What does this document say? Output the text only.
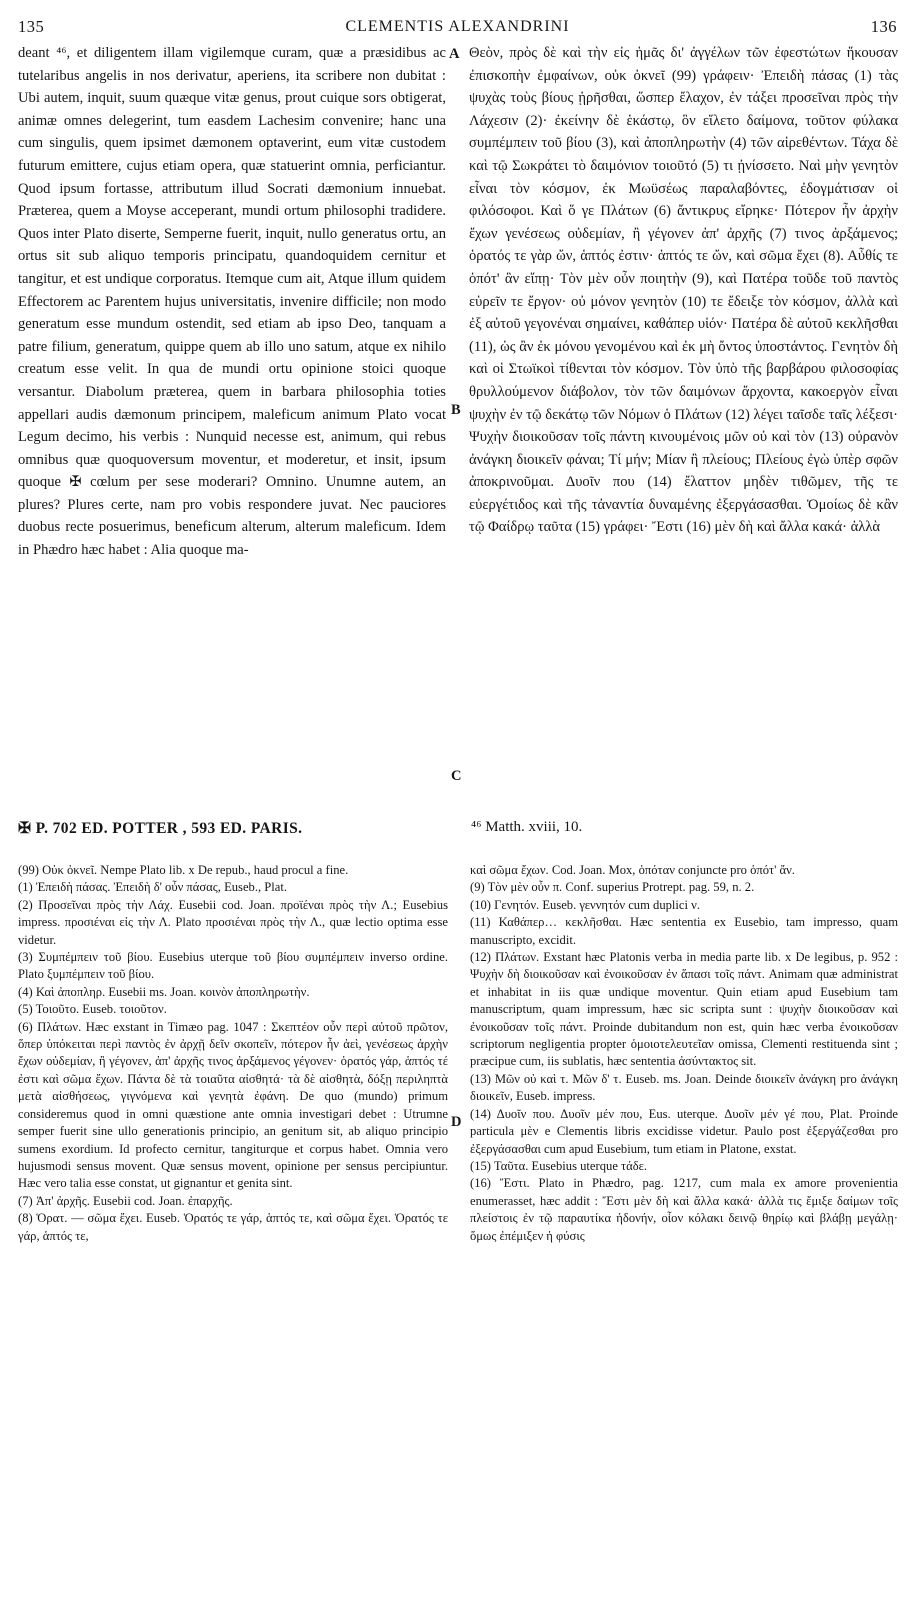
135	CLEMENTIS ALEXANDRINI	136

deant ⁴⁶, et diligentem illam vigilemque curam, quæ a præsidibus ac tutelaribus angelis in nos derivatur, aperiens, ita scribere non dubitat : Ubi autem, inquit, suum quæque vitæ genus, prout cuique sors obtigerat, animæ omnes delegerint, tum easdem Lachesim convenire; hanc una cum singulis, quem ipsimet dæmonem optaverint, eum vitæ custodem futurum emittere, cujus etiam opera, quæ statuerint omnia, perficiantur. Quod ipsum fortasse, attributum illud Socrati dæmonium innuebat. Præterea, quem a Moyse acceperant, mundi ortum philosophi tradidere. Quos inter Plato diserte, Semperne fuerit, inquit, nullo generatus ortu, an ortus sit sub aliquo temporis principatu, quandoquidem cernitur et tangitur, et est undique corporatus. Itemque cum ait, Atque illum quidem Effectorem ac Parentem hujus universitatis, invenire difficile; non modo generatum esse mundum ostendit, sed etiam ab ipso Deo, tanquam a patre filium, generatum, quippe quem ab illo uno satum, atque ex nihilo creatum esse velit. In qua de mundi ortu opinione stoici quoque versantur. Diabolum præterea, quem in barbara philosophia toties appellari audis dæmonum principem, maleficum animum Plato vocat Legum decimo, his verbis : Nunquid necesse est, animum, qui rebus omnibus quæ quoquoversum moventur, et moderetur, et insit, ipsum quoque ✠ cœlum per sese moderari? Omnino. Unumne autem, an plures? Plures certe, nam pro vobis respondere juvat. Nec pauciores duobus recte posuerimus, beneficum alterum, alterum maleficum. Idem in Phædro hæc habet : Alia quoque ma-

A
B
C
D

Θεὸν, πρὸς δὲ καὶ τὴν εἰς ἡμᾶς δι' ἀγγέλων τῶν ἐφεστώτων ἥκουσαν ἐπισκοπὴν ἐμφαίνων, οὐκ ὀκνεῖ (99) γράφειν· Ἐπειδὴ πάσας (1) τὰς ψυχὰς τοὺς βίους ᾑρῆσθαι, ὥσπερ ἔλαχον, ἐν τάξει προσεῖναι πρὸς τὴν Λάχεσιν (2)· ἐκείνην δὲ ἑκάστῳ, ὃν εἵλετο δαίμονα, τοῦτον φύλακα συμπέμπειν τοῦ βίου (3), καὶ ἀποπληρωτὴν (4) τῶν αἱρεθέντων. Τάχα δὲ καὶ τῷ Σωκράτει τὸ δαιμόνιον τοιοῦτό (5) τι ᾐνίσσετο. Ναὶ μὴν γενητὸν εἶναι τὸν κόσμον, ἐκ Μωϋσέως παραλαβόντες, ἐδογμάτισαν οἱ φιλόσοφοι. Καὶ ὅ γε Πλάτων (6) ἄντικρυς εἴρηκε· Πότερον ἦν ἀρχὴν ἔχων γενέσεως οὐδεμίαν, ἢ γέγονεν ἀπ' ἀρχῆς (7) τινος ἀρξάμενος; ὁρατός τε γὰρ ὤν, ἁπτός ἐστιν· ἁπτός τε ὤν, καὶ σῶμα ἔχει (8). Αὖθίς τε ὁπότ' ἂν εἴπῃ· Τὸν μὲν οὖν ποιητὴν (9), καὶ Πατέρα τοῦδε τοῦ παντὸς εὑρεῖν τε ἔργον· οὐ μόνον γενητὸν (10) τε ἔδειξε τὸν κόσμον, ἀλλὰ καὶ ἐξ αὐτοῦ γεγονέναι σημαίνει, καθάπερ υἱόν· Πατέρα δὲ αὐτοῦ κεκλῆσθαι (11), ὡς ἂν ἐκ μόνου γενομένου καὶ ἐκ μὴ ὄντος ὑποστάντος. Γενητὸν δὴ καὶ οἱ Στωϊκοὶ τίθενται τὸν κόσμον. Τὸν ὑπὸ τῆς βαρβάρου φιλοσοφίας θρυλλούμενον διάβολον, τὸν τῶν δαιμόνων ἄρχοντα, κακοεργὸν εἶναι ψυχὴν ἐν τῷ δεκάτῳ τῶν Νόμων ὁ Πλάτων (12) λέγει ταῖσδε ταῖς λέξεσι· Ψυχὴν διοικοῦσαν τοῖς πάντη κινουμένοις μῶν οὐ καὶ τὸν (13) οὐρανὸν ἀνάγκη διοικεῖν φάναι; Τί μήν; Μίαν ἢ πλείους; Πλείους ἐγὼ ὑπὲρ σφῶν ἀποκρινοῦμαι. Δυοῖν που (14) ἔλαττον μηδὲν τιθῶμεν, τῆς τε εὐεργέτιδος καὶ τῆς τἀναντία δυναμένης ἐξεργάσασθαι. Ὁμοίως δὲ κἂν τῷ Φαίδρῳ ταῦτα (15) γράφει· Ἔστι (16) μὲν δὴ καὶ ἄλλα κακά· ἀλλὰ

✠ P. 702 ED. POTTER , 593 ED. PARIS.	⁴⁶ Matth. xviii, 10.

(99) Οὐκ ὀκνεῖ. Nempe Plato lib. x De repub., haud procul a fine.

(1) Ἐπειδὴ πάσας. Ἐπειδὴ δ' οὖν πάσας, Euseb., Plat.

(2) Προσεῖναι πρὸς τὴν Λάχ. Eusebii cod. Joan. προϊέναι πρὸς τὴν Λ.; Eusebius impress. προσιέναι εἰς τὴν Λ. Plato προσιέναι πρὸς τὴν Λ., quæ lectio optima esse videtur.

(3) Συμπέμπειν τοῦ βίου. Eusebius uterque τοῦ βίου συμπέμπειν inverso ordine. Plato ξυμπέμπειν τοῦ βίου.

(4) Καὶ ἀποπληρ. Eusebii ms. Joan. κοινὸν ἀποπληρωτὴν.

(5) Τοιοῦτο. Euseb. τοιοῦτον.

(6) Πλάτων. Hæc exstant in Timæo pag. 1047 : Σκεπτέον οὖν περὶ αὐτοῦ πρῶτον, ὅπερ ὑπόκειται περὶ παντὸς ἐν ἀρχῇ δεῖν σκοπεῖν, πότερον ἦν ἀεὶ, γενέσεως ἀρχὴν ἔχων οὐδεμίαν, ἢ γέγονεν, ἀπ' ἀρχῆς τινος ἀρξάμενος γέγονεν· ὁρατός γάρ, ἁπτός τέ ἐστι καὶ σῶμα ἔχων. Πάντα δὲ τὰ τοιαῦτα αἰσθητά· τὰ δὲ αἰσθητὰ, δόξῃ περιληπτὰ μετὰ αἰσθήσεως, γιγνόμενα καὶ γενητὰ ἐφάνη. De quo (mundo) primum consideremus quod in omni quæstione ante omnia investigari debet : Utrumne semper fuerit sine ullo generationis principio, an genitum sit, ab aliquo principio sumens exordium. Id profecto cernitur, tangiturque et corpus habet. Omnia vero hujusmodi sensus movent. Quæ sensus movent, opinione per sensus percipiuntur. Hæc vero talia esse constat, ut gignantur et genita sint.

(7) Ἀπ' ἀρχῆς. Eusebii cod. Joan. ἐπαρχῆς.

(8) Ὁρατ. — σῶμα ἔχει. Euseb. Ὁρατός τε γάρ, ἁπτός τε, καὶ σῶμα ἔχει. Ὁρατός τε γάρ, ἁπτός τε,

καὶ σῶμα ἔχων. Cod. Joan. Mox, ὁπόταν conjuncte pro ὁπότ' ἄν.

(9) Τὸν μὲν οὖν π. Conf. superius Protrept. pag. 59, n. 2.

(10) Γενητόν. Euseb. γεννητόν cum duplici ν.

(11) Καθάπερ… κεκλῆσθαι. Hæc sententia ex Eusebio, tam impresso, quam manuscripto, excidit.

(12) Πλάτων. Exstant hæc Platonis verba in media parte lib. x De legibus, p. 952 : Ψυχὴν δὴ διοικοῦσαν καὶ ἐνοικοῦσαν ἐν ἅπασι τοῖς πάντ. Animam quæ administrat et inhabitat in iis quæ undique moventur. Quin etiam apud Eusebium tam manuscriptum, quam impressum, hæc sic scripta sunt : ψυχὴν διοικοῦσαν καὶ ἐνοικοῦσαν τοῖς πάντ. Proinde dubitandum non est, quin hæc verba ἐνοικοῦσαν scriptorum negligentia propter ὁμοιοτελευτεῖαν omissa, Clementi restituenda sint ; præcipue cum, iis sublatis, hæc sententia ἀσύντακτος sit.

(13) Μῶν οὐ καὶ τ. Μῶν δ' τ. Euseb. ms. Joan. Deinde διοικεῖν ἀνάγκη pro ἀνάγκη διοικεῖν, Euseb. impress.

(14) Δυοῖν που. Δυοῖν μέν που, Eus. uterque. Δυοῖν μέν γέ που, Plat. Proinde particula μὲν e Clementis libris excidisse videtur. Paulo post ἐξεργάζεσθαι pro ἐξεργάσασθαι cum apud Eusebium, tum etiam in Platone, exstat.

(15) Ταῦτα. Eusebius uterque τάδε.

(16) Ἔστι. Plato in Phædro, pag. 1217, cum mala ex amore provenientia enumerasset, hæc addit : Ἔστι μὲν δὴ καὶ ἄλλα κακά· ἀλλὰ τις ἔμιξε δαίμων τοῖς πλείστοις ἐν τῷ παραυτίκα ἡδονήν, οἷον κόλακι δεινῷ θηρίῳ καὶ βλάβῃ μεγάλῃ· ὅμως ἐπέμιξεν ἡ φύσις
